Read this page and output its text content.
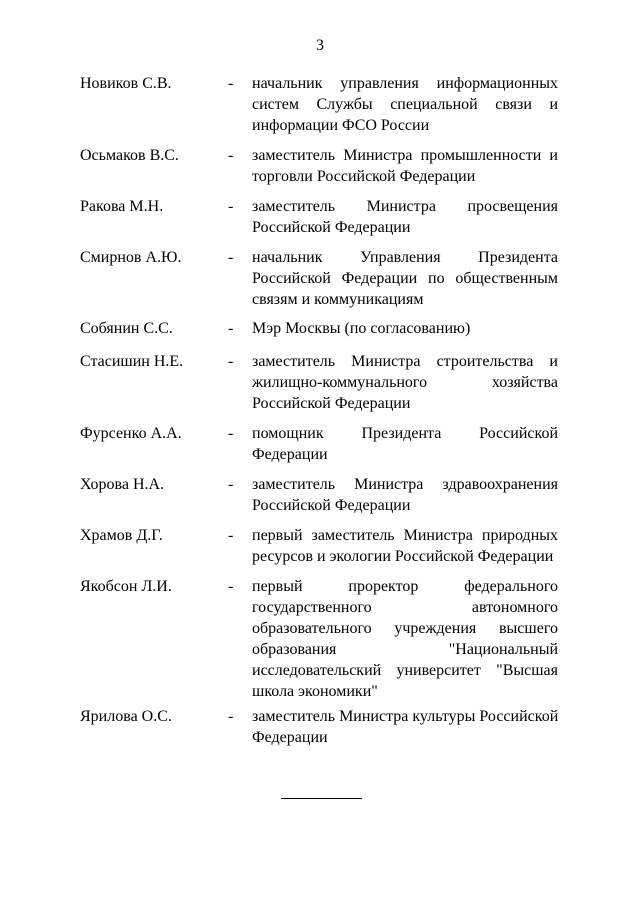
3
Новиков С.В.	- начальник управления информационных
систем Службы специальной связи и
информации ФСО России
Осьмаков В.С.	- заместитель Министра промышленности и
торговли Российской Федерации
Ракова М.Н.	- заместитель Министра просвещения
Российской Федерации
Смирнов А.Ю.	- начальник Управления Президента
Российской Федерации по общественным
связям и коммуникациям
Собянин С.С.	- Мэр Москвы (по согласованию)
Стасишин Н.Е.	- заместитель Министра строительства и
жилищно-коммунального хозяйства
Российской Федерации
Фурсенко А.А.	- помощник Президента Российской
Федерации
Хорова Н.А.	- заместитель Министра здравоохранения
Российской Федерации
Храмов Д.Г.	- первый заместитель Министра природных
ресурсов и экологии Российской Федерации
Якобсон Л.И.	- первый проректор федерального
государственного автономного
образовательного учреждения высшего
образования "Национальный
исследовательский университет "Высшая
школа экономики"
Ярилова О.С.	- заместитель Министра культуры Российской
Федерации
